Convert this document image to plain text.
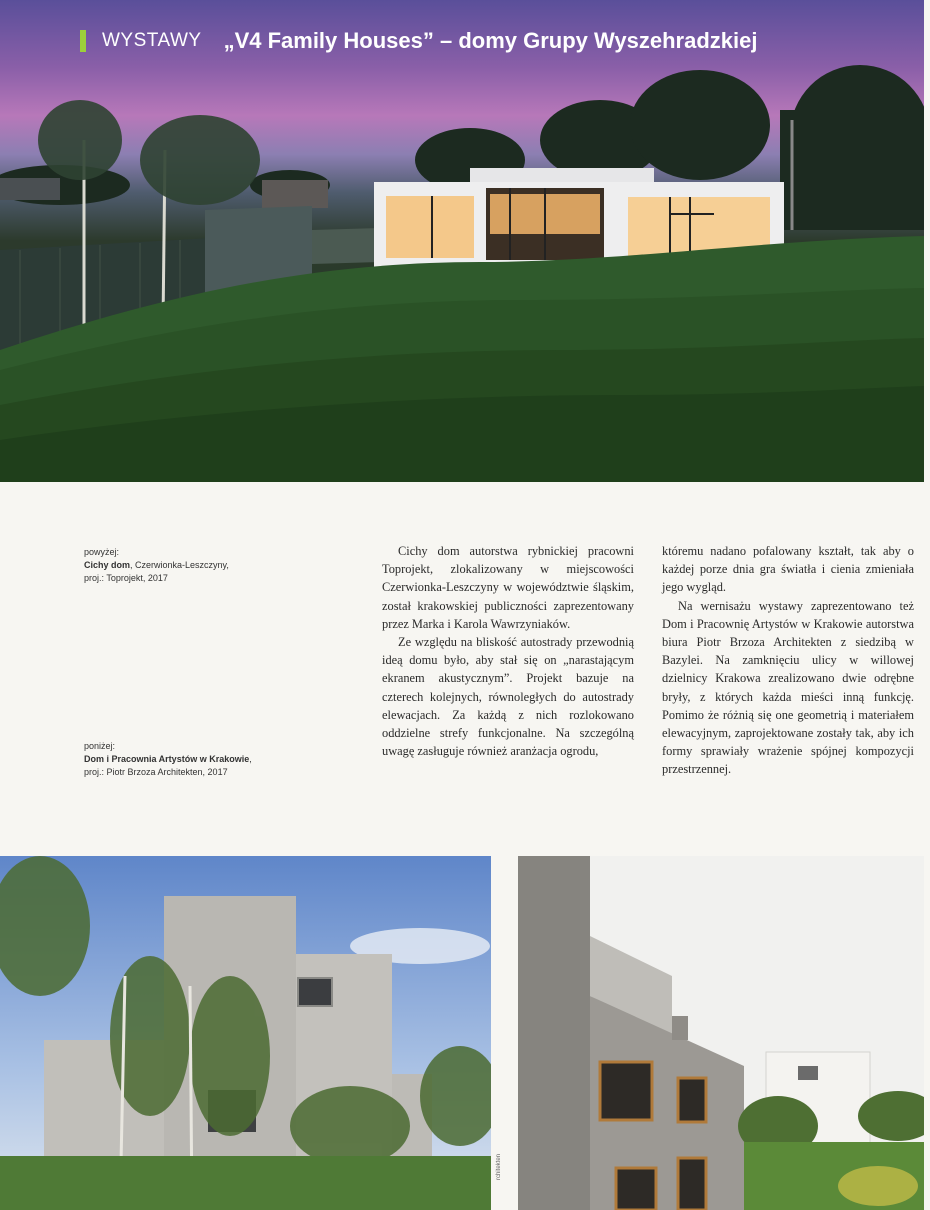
WYSTAWY „V4 Family Houses” – domy Grupy Wyszehradzkiej
powyżej:
Cichy dom, Czerwionka-Leszczyny,
proj.: Toprojekt, 2017
poniżej:
Dom i Pracownia Artystów w Krakowie,
proj.: Piotr Brzoza Architekten, 2017

Cichy dom autorstwa rybnickiej pracowni Toprojekt, zlokalizowany w miejscowości Czerwionka-Leszczyny w województwie śląskim, został krakowskiej publiczności zaprezentowany przez Marka i Karola Wawrzyniaków.

Ze względu na bliskość autostrady przewodnią ideą domu było, aby stał się on „narastającym ekranem akustycznym”. Projekt bazuje na czterech kolejnych, równoległych do autostrady elewacjach. Za każdą z nich rozlokowano oddzielne strefy funkcjonalne. Na szczególną uwagę zasługuje również aranżacja ogrodu,

któremu nadano pofalowany kształt, tak aby o każdej porze dnia gra światła i cienia zmieniała jego wygląd.

Na wernisażu wystawy zaprezentowano też Dom i Pracownię Artystów w Krakowie autorstwa biura Piotr Brzoza Architekten z siedzibą w Bazylei. Na zamknięciu ulicy w willowej dzielnicy Krakowa zrealizowano dwie odrębne bryły, z których każda mieści inną funkcję. Pomimo że różnią się one geometrią i materiałem elewacyjnym, zaprojektowane zostały tak, aby ich formy sprawiały wrażenie spójnej kompozycji przestrzennej.

rchitekten
